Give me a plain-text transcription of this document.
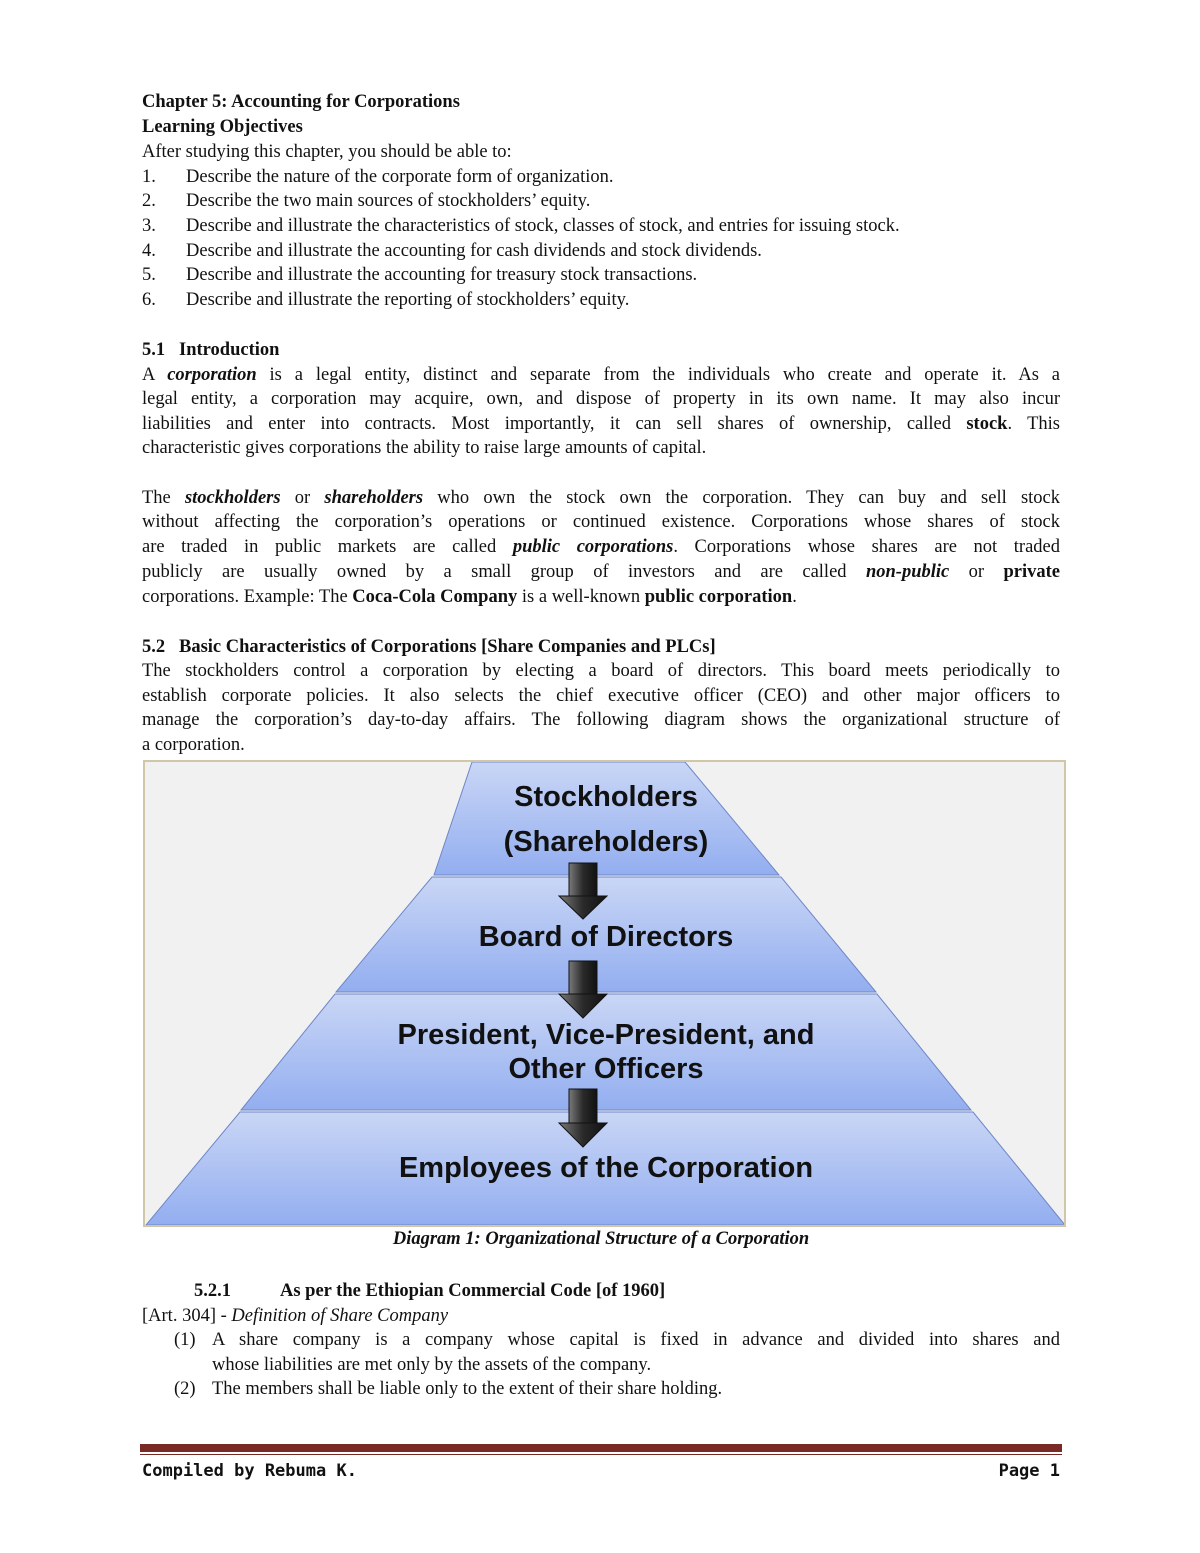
Chapter 5: Accounting for Corporations
Learning Objectives
After studying this chapter, you should be able to:
1.	Describe the nature of the corporate form of organization.
2.	Describe the two main sources of stockholders’ equity.
3.	Describe and illustrate the characteristics of stock, classes of stock, and entries for issuing stock.
4.	Describe and illustrate the accounting for cash dividends and stock dividends.
5.	Describe and illustrate the accounting for treasury stock transactions.
6.	Describe and illustrate the reporting of stockholders’ equity.
5.1   Introduction
A corporation is a legal entity, distinct and separate from the individuals who create and operate it. As a
legal entity, a corporation may acquire, own, and dispose of property in its own name. It may also incur
liabilities and enter into contracts. Most importantly, it can sell shares of ownership, called stock. This
characteristic gives corporations the ability to raise large amounts of capital.
The stockholders or shareholders who own the stock own the corporation. They can buy and sell stock
without affecting the corporation’s operations or continued existence. Corporations whose shares of stock
are traded in public markets are called public corporations. Corporations whose shares are not traded
publicly are usually owned by a small group of investors and are called non-public or private
corporations. Example: The Coca-Cola Company is a well-known public corporation.
5.2   Basic Characteristics of Corporations [Share Companies and PLCs]
The stockholders control a corporation by electing a board of directors. This board meets periodically to
establish corporate policies. It also selects the chief executive officer (CEO) and other major officers to
manage the corporation’s day-to-day affairs. The following diagram shows the organizational structure of
a corporation.
Diagram 1: Organizational Structure of a Corporation
5.2.1	As per the Ethiopian Commercial Code [of 1960]
[Art. 304] - Definition of Share Company
(1) A share company is a company whose capital is fixed in advance and divided into shares and
whose liabilities are met only by the assets of the company.
(2) The members shall be liable only to the extent of their share holding.
Stockholders
(Shareholders)
Board of Directors
President, Vice-President, and
Other Officers
Employees of the Corporation
Compiled by Rebuma K.	Page 1
